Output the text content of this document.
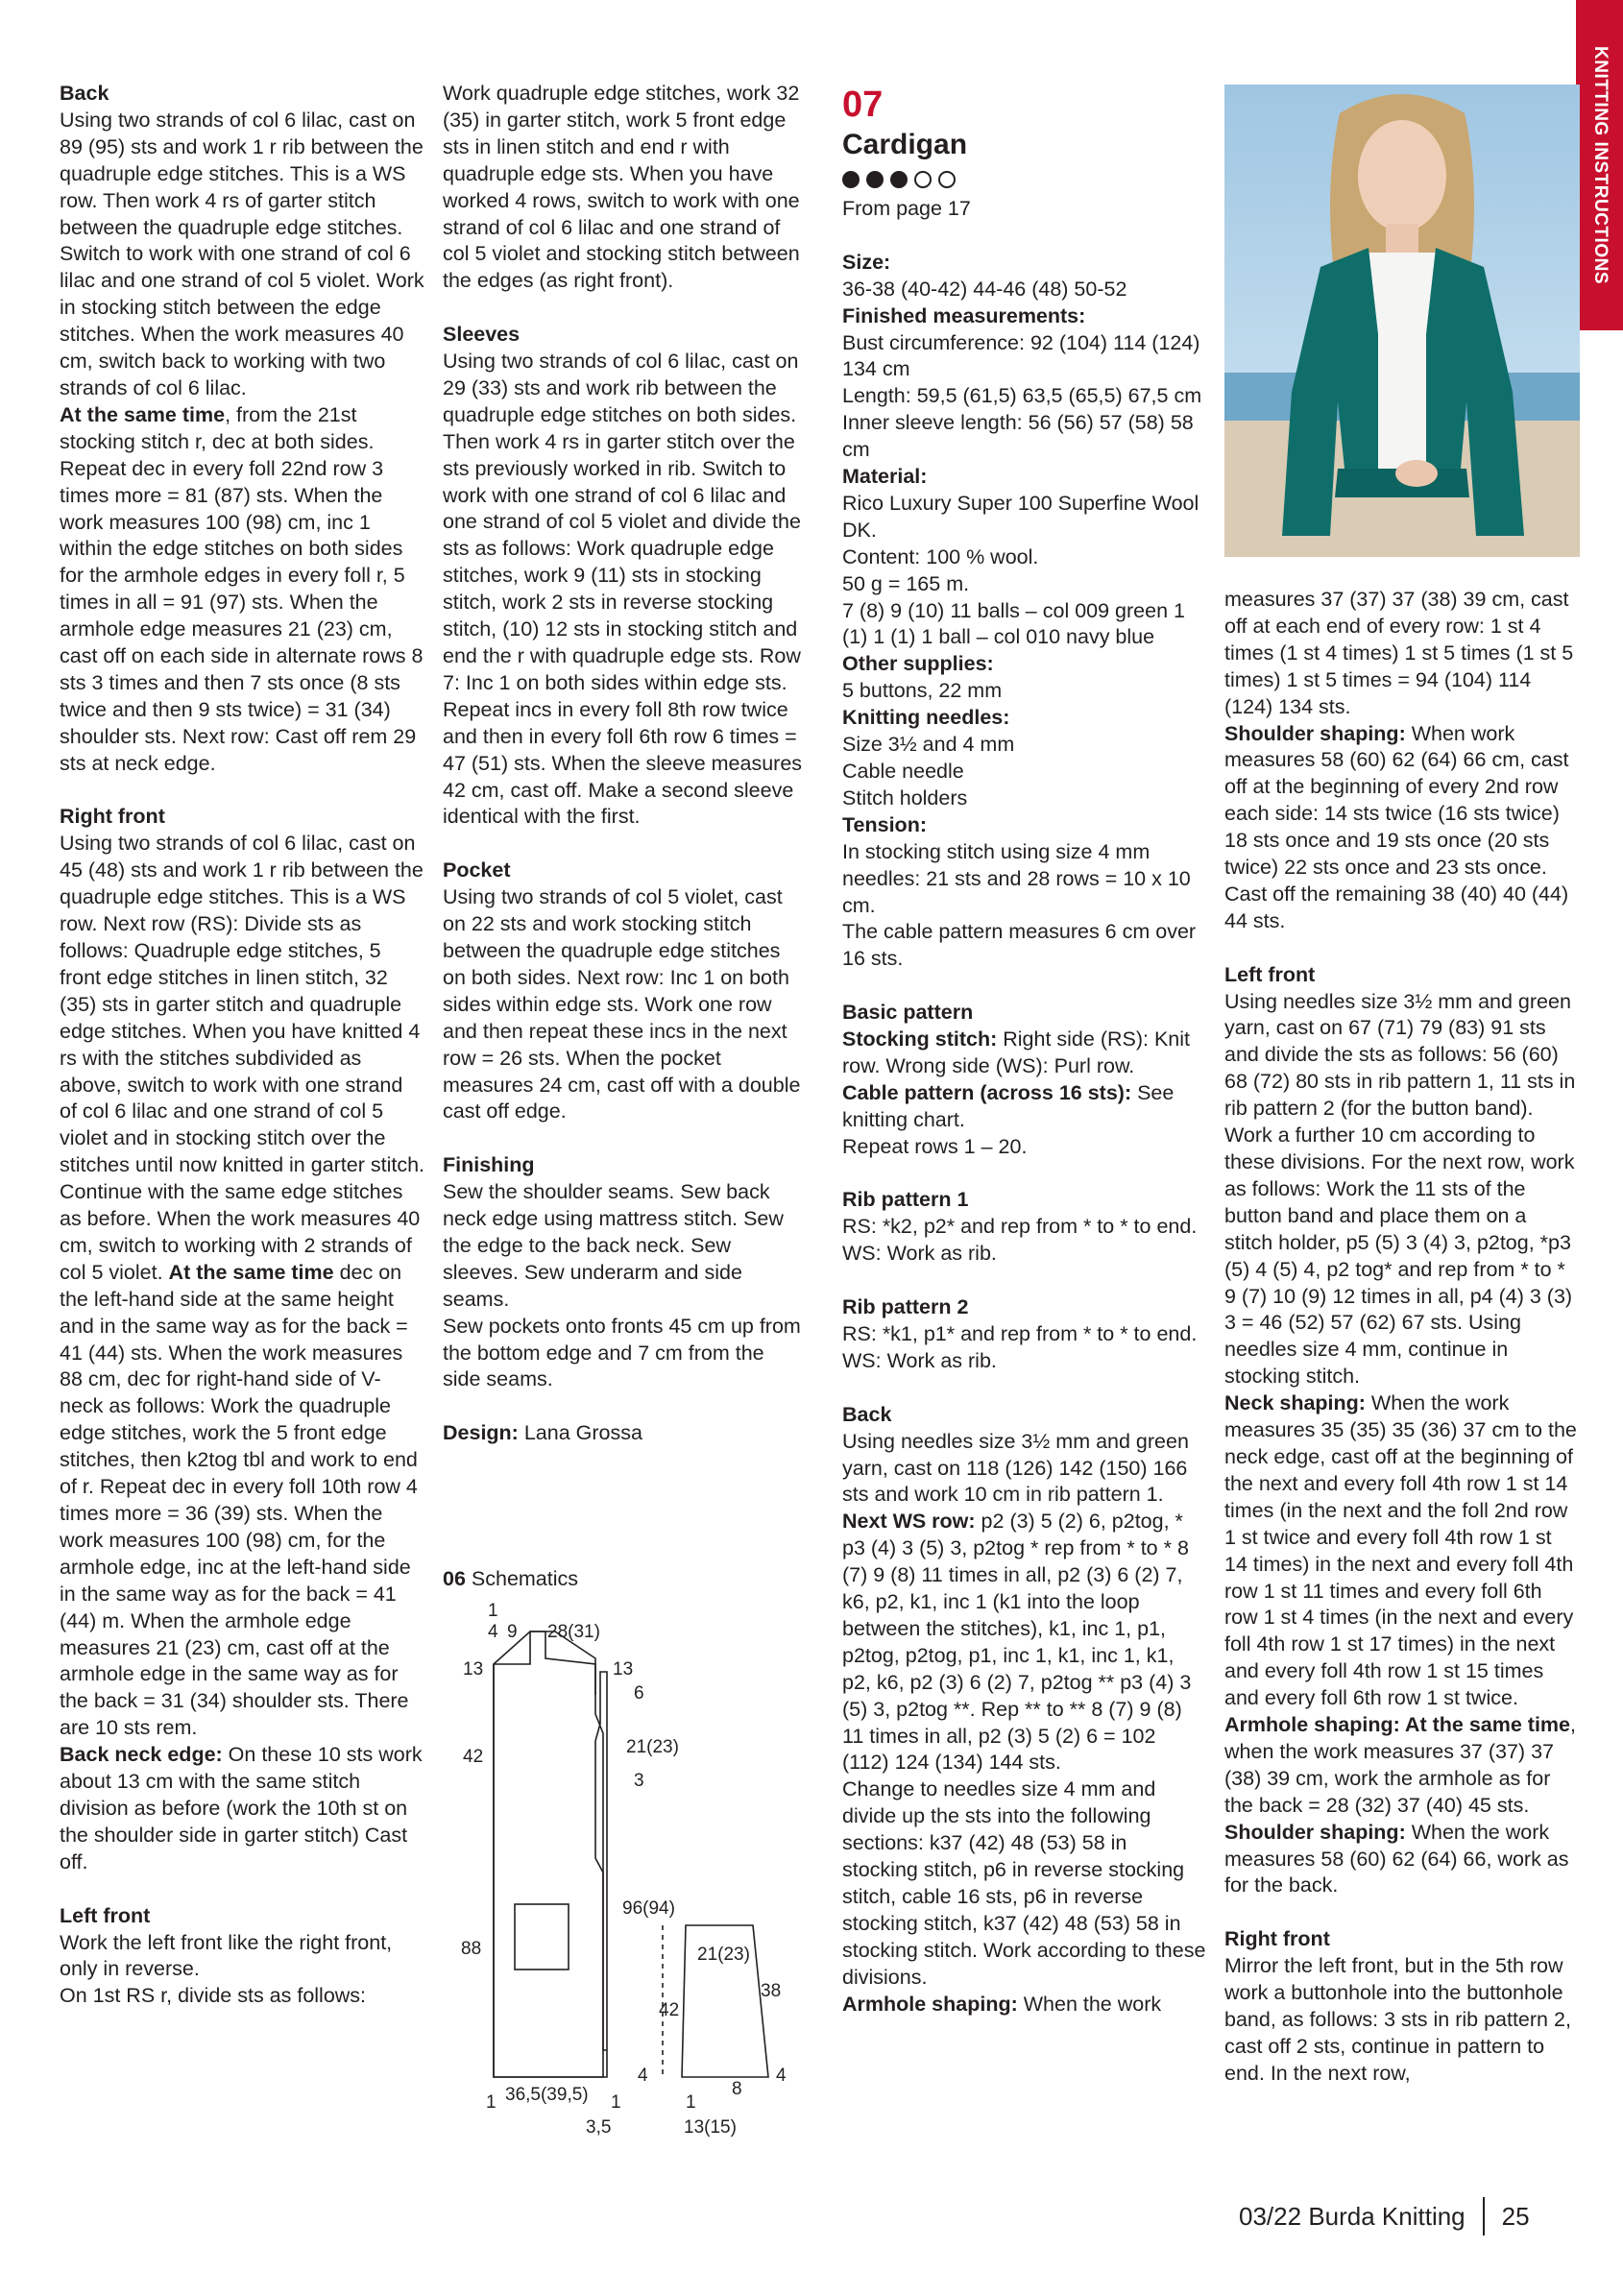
KNITTING INSTRUCTIONS
Back

Using two strands of col 6 lilac, cast on 89 (95) sts and work 1 r rib between the quadruple edge stitches. This is a WS row. Then work 4 rs of garter stitch between the quadruple edge stitches. Switch to work with one strand of col 6 lilac and one strand of col 5 violet. Work in stocking stitch between the edge stitches. When the work measures 40 cm, switch back to working with two strands of col 6 lilac.
At the same time, from the 21st stocking stitch r, dec at both sides. Repeat dec in every foll 22nd row 3 times more = 81 (87) sts. When the work measures 100 (98) cm, inc 1 within the edge stitches on both sides for the armhole edges in every foll r, 5 times in all = 91 (97) sts. When the armhole edge measures 21 (23) cm, cast off on each side in alternate rows 8 sts 3 times and then 7 sts once (8 sts twice and then 9 sts twice) = 31 (34) shoulder sts. Next row: Cast off rem 29 sts at neck edge.

Right front

Using two strands of col 6 lilac, cast on 45 (48) sts and work 1 r rib between the quadruple edge stitches. This is a WS row. Next row (RS): Divide sts as follows: Quadruple edge stitches, 5 front edge stitches in linen stitch, 32 (35) sts in garter stitch and quadruple edge stitches. When you have knitted 4 rs with the stitches subdivided as above, switch to work with one strand of col 6 lilac and one strand of col 5 violet and in stocking stitch over the stitches until now knitted in garter stitch. Continue with the same edge stitches as before. When the work measures 40 cm, switch to working with 2 strands of col 5 violet. At the same time dec on the left-hand side at the same height and in the same way as for the back = 41 (44) sts. When the work measures 88 cm, dec for right-hand side of V-neck as follows: Work the quadruple edge stitches, work the 5 front edge stitches, then k2tog tbl and work to end of r. Repeat dec in every foll 10th row 4 times more = 36 (39) sts. When the work measures 100 (98) cm, for the armhole edge, inc at the left-hand side in the same way as for the back = 41 (44) m. When the armhole edge measures 21 (23) cm, cast off at the armhole edge in the same way as for the back = 31 (34) shoulder sts. There are 10 sts rem.
Back neck edge: On these 10 sts work about 13 cm with the same stitch division as before (work the 10th st on the shoulder side in garter stitch) Cast off.

Left front

Work the left front like the right front, only in reverse.
On 1st RS r, divide sts as follows:

Work quadruple edge stitches, work 32 (35) in garter stitch, work 5 front edge sts in linen stitch and end r with quadruple edge sts. When you have worked 4 rows, switch to work with one strand of col 6 lilac and one strand of col 5 violet and stocking stitch between the edges (as right front).

Sleeves

Using two strands of col 6 lilac, cast on 29 (33) sts and work rib between the quadruple edge stitches on both sides. Then work 4 rs in garter stitch over the sts previously worked in rib. Switch to work with one strand of col 6 lilac and one strand of col 5 violet and divide the sts as follows: Work quadruple edge stitches, work 9 (11) sts in stocking stitch, work 2 sts in reverse stocking stitch, (10) 12 sts in stocking stitch and end the r with quadruple edge sts. Row 7: Inc 1 on both sides within edge sts. Repeat incs in every foll 8th row twice and then in every foll 6th row 6 times = 47 (51) sts. When the sleeve measures 42 cm, cast off. Make a second sleeve identical with the first.

Pocket

Using two strands of col 5 violet, cast on 22 sts and work stocking stitch between the quadruple edge stitches on both sides. Next row: Inc 1 on both sides within edge sts. Work one row and then repeat these incs in the next row = 26 sts. When the pocket measures 24 cm, cast off with a double cast off edge.

Finishing

Sew the shoulder seams. Sew back neck edge using mattress stitch. Sew the edge to the back neck. Sew sleeves. Sew underarm and side seams.
Sew pockets onto fronts 45 cm up from the bottom edge and 7 cm from the side seams.

Design: Lana Grossa

06 Schematics
1
4 9 28(31)
13	13
6
21(23)
3
42
96(94)
88
4
1 36,5(39,5) 1
3,5
21(23)
42
38
4
8
1
13(15)
07
Cardigan

From page 17

Size:

36-38 (40-42) 44-46 (48) 50-52

Finished measurements:

Bust circumference: 92 (104) 114 (124) 134 cm

Length: 59,5 (61,5) 63,5 (65,5) 67,5 cm

Inner sleeve length: 56 (56) 57 (58) 58 cm

Material:

Rico Luxury Super 100 Superfine Wool DK.

Content: 100 % wool.

50 g = 165 m.

7 (8) 9 (10) 11 balls – col 009 green 1 (1) 1 (1) 1 ball – col 010 navy blue

Other supplies:

5 buttons, 22 mm

Knitting needles:

Size 3½ and 4 mm

Cable needle

Stitch holders

Tension:

In stocking stitch using size 4 mm needles: 21 sts and 28 rows = 10 x 10 cm.

The cable pattern measures 6 cm over 16 sts.

Basic pattern

Stocking stitch: Right side (RS): Knit row. Wrong side (WS): Purl row.

Cable pattern (across 16 sts): See knitting chart.

Repeat rows 1 – 20.

Rib pattern 1

RS: *k2, p2* and rep from * to * to end.

WS: Work as rib.

Rib pattern 2

RS: *k1, p1* and rep from * to * to end.

WS: Work as rib.

Back

Using needles size 3½ mm and green yarn, cast on 118 (126) 142 (150) 166 sts and work 10 cm in rib pattern 1.
Next WS row: p2 (3) 5 (2) 6, p2tog, * p3 (4) 3 (5) 3, p2tog * rep from * to * 8 (7) 9 (8) 11 times in all, p2 (3) 6 (2) 7, k6, p2, k1, inc 1 (k1 into the loop between the stitches), k1, inc 1, p1, p2tog, p2tog, p1, inc 1, k1, inc 1, k1, p2, k6, p2 (3) 6 (2) 7, p2tog ** p3 (4) 3 (5) 3, p2tog **. Rep ** to ** 8 (7) 9 (8) 11 times in all, p2 (3) 5 (2) 6 = 102 (112) 124 (134) 144 sts.
Change to needles size 4 mm and divide up the sts into the following sections: k37 (42) 48 (53) 58 in stocking stitch, p6 in reverse stocking stitch, cable 16 sts, p6 in reverse stocking stitch, k37 (42) 48 (53) 58 in stocking stitch. Work according to these divisions.
Armhole shaping: When the work

measures 37 (37) 37 (38) 39 cm, cast off at each end of every row: 1 st 4 times (1 st 4 times) 1 st 5 times (1 st 5 times) 1 st 5 times = 94 (104) 114 (124) 134 sts.

Shoulder shaping: When work measures 58 (60) 62 (64) 66 cm, cast off at the beginning of every 2nd row each side: 14 sts twice (16 sts twice) 18 sts once and 19 sts once (20 sts twice) 22 sts once and 23 sts once. Cast off the remaining 38 (40) 40 (44) 44 sts.

Left front

Using needles size 3½ mm and green yarn, cast on 67 (71) 79 (83) 91 sts and divide the sts as follows: 56 (60) 68 (72) 80 sts in rib pattern 1, 11 sts in rib pattern 2 (for the button band). Work a further 10 cm according to these divisions. For the next row, work as follows: Work the 11 sts of the button band and place them on a stitch holder, p5 (5) 3 (4) 3, p2tog, *p3 (5) 4 (5) 4, p2 tog* and rep from * to * 9 (7) 10 (9) 12 times in all, p4 (4) 3 (3) 3 = 46 (52) 57 (62) 67 sts. Using needles size 4 mm, continue in stocking stitch.

Neck shaping: When the work measures 35 (35) 35 (36) 37 cm to the neck edge, cast off at the beginning of the next and every foll 4th row 1 st 14 times (in the next and the foll 2nd row 1 st twice and every foll 4th row 1 st 14 times) in the next and every foll 4th row 1 st 11 times and every foll 6th row 1 st 4 times (in the next and every foll 4th row 1 st 17 times) in the next and every foll 4th row 1 st 15 times and every foll 6th row 1 st twice.

Armhole shaping: At the same time, when the work measures 37 (37) 37 (38) 39 cm, work the armhole as for the back = 28 (32) 37 (40) 45 sts.

Shoulder shaping: When the work measures 58 (60) 62 (64) 66, work as for the back.

Right front

Mirror the left front, but in the 5th row work a buttonhole into the buttonhole band, as follows: 3 sts in rib pattern 2, cast off 2 sts, continue in pattern to end. In the next row,

03/22
Burda Knitting 25
